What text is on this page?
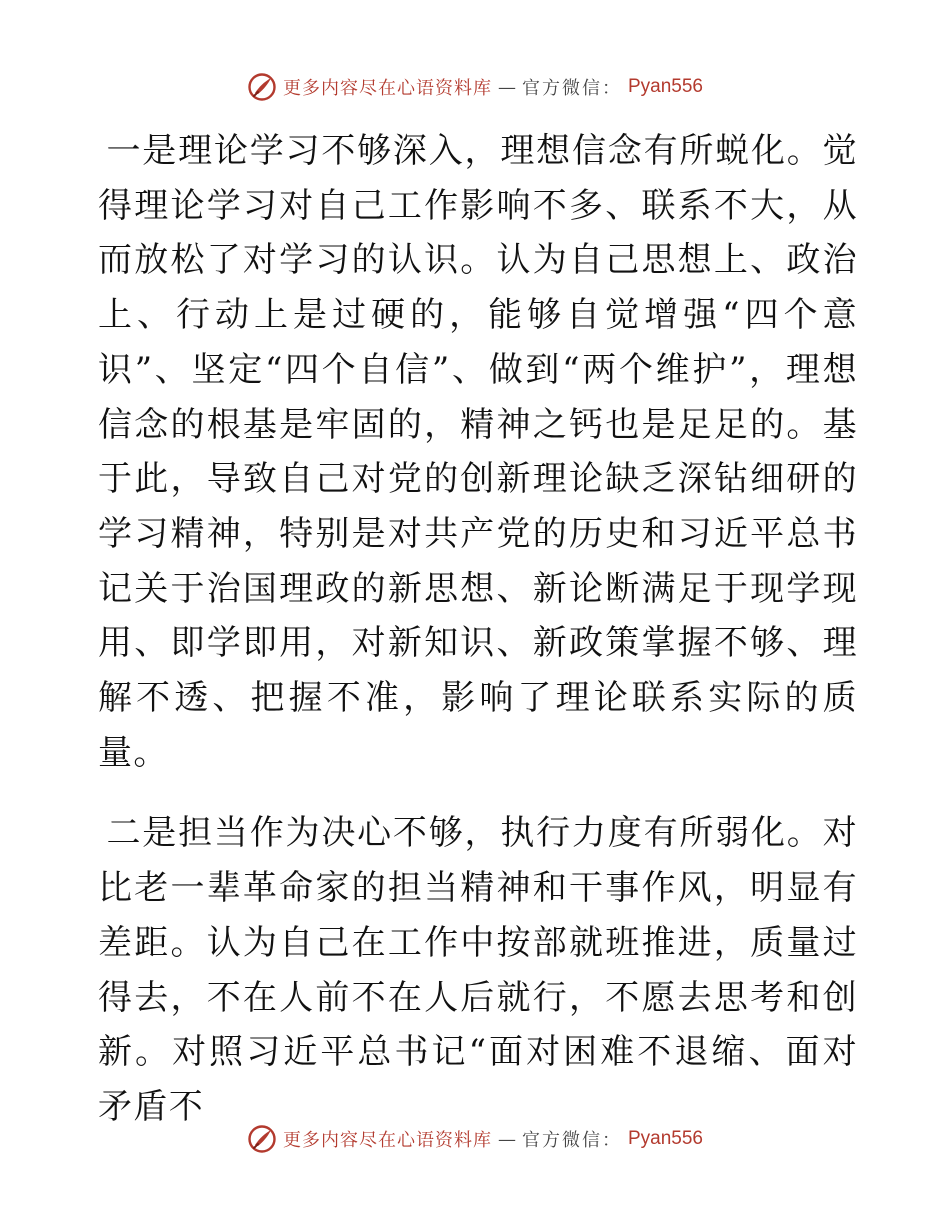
更多内容尽在心语资料库 — 官方微信： Pyan556

一是理论学习不够深入，理想信念有所蜕化。觉得理论学习对自己工作影响不多、联系不大，从而放松了对学习的认识。认为自己思想上、政治上、行动上是过硬的，能够自觉增强“四个意识”、坚定“四个自信”、做到“两个维护”，理想信念的根基是牢固的，精神之钙也是足足的。基于此，导致自己对党的创新理论缺乏深钻细研的学习精神，特别是对共产党的历史和习近平总书记关于治国理政的新思想、新论断满足于现学现用、即学即用，对新知识、新政策掌握不够、理解不透、把握不准，影响了理论联系实际的质量。

二是担当作为决心不够，执行力度有所弱化。对比老一辈革命家的担当精神和干事作风，明显有差距。认为自己在工作中按部就班推进，质量过得去，不在人前不在人后就行，不愿去思考和创新。对照习近平总书记“面对困难不退缩、面对矛盾不

更多内容尽在心语资料库 — 官方微信： Pyan556
